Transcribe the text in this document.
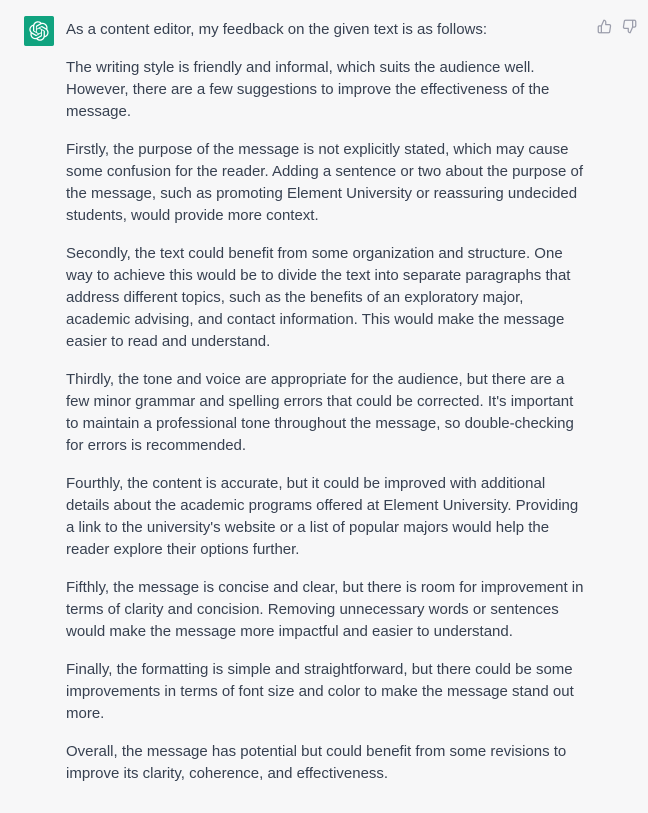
As a content editor, my feedback on the given text is as follows:

The writing style is friendly and informal, which suits the audience well. However, there are a few suggestions to improve the effectiveness of the message.

Firstly, the purpose of the message is not explicitly stated, which may cause some confusion for the reader. Adding a sentence or two about the purpose of the message, such as promoting Element University or reassuring undecided students, would provide more context.

Secondly, the text could benefit from some organization and structure. One way to achieve this would be to divide the text into separate paragraphs that address different topics, such as the benefits of an exploratory major, academic advising, and contact information. This would make the message easier to read and understand.

Thirdly, the tone and voice are appropriate for the audience, but there are a few minor grammar and spelling errors that could be corrected. It's important to maintain a professional tone throughout the message, so double-checking for errors is recommended.

Fourthly, the content is accurate, but it could be improved with additional details about the academic programs offered at Element University. Providing a link to the university's website or a list of popular majors would help the reader explore their options further.

Fifthly, the message is concise and clear, but there is room for improvement in terms of clarity and concision. Removing unnecessary words or sentences would make the message more impactful and easier to understand.

Finally, the formatting is simple and straightforward, but there could be some improvements in terms of font size and color to make the message stand out more.

Overall, the message has potential but could benefit from some revisions to improve its clarity, coherence, and effectiveness.
